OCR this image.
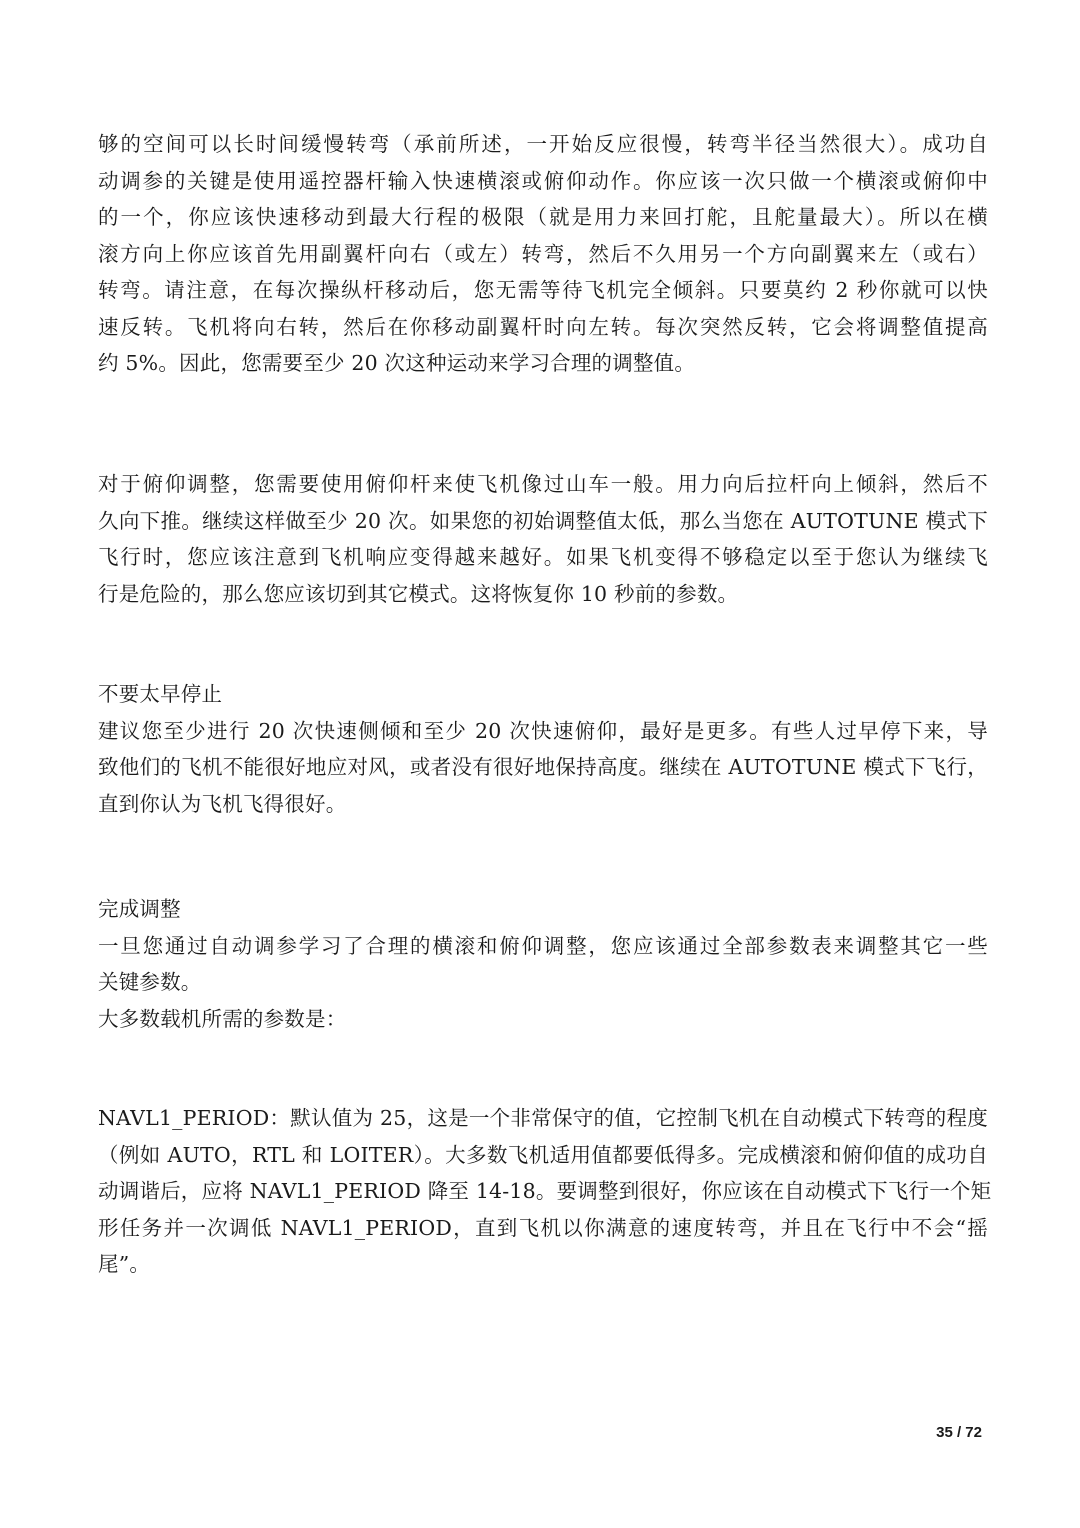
够的空间可以长时间缓慢转弯（承前所述，一开始反应很慢，转弯半径当然很大）。成功自
动调参的关键是使用遥控器杆输入快速横滚或俯仰动作。你应该一次只做一个横滚或俯仰中
的一个，你应该快速移动到最大行程的极限（就是用力来回打舵，且舵量最大）。所以在横
滚方向上你应该首先用副翼杆向右（或左）转弯，然后不久用另一个方向副翼来左（或右）
转弯。请注意，在每次操纵杆移动后，您无需等待飞机完全倾斜。只要莫约 2 秒你就可以快
速反转。飞机将向右转，然后在你移动副翼杆时向左转。每次突然反转，它会将调整值提高
约 5%。因此，您需要至少 20 次这种运动来学习合理的调整值。
对于俯仰调整，您需要使用俯仰杆来使飞机像过山车一般。用力向后拉杆向上倾斜，然后不
久向下推。继续这样做至少 20 次。如果您的初始调整值太低，那么当您在 AUTOTUNE 模式下
飞行时，您应该注意到飞机响应变得越来越好。如果飞机变得不够稳定以至于您认为继续飞
行是危险的，那么您应该切到其它模式。这将恢复你 10 秒前的参数。
不要太早停止
建议您至少进行 20 次快速侧倾和至少 20 次快速俯仰，最好是更多。有些人过早停下来，导
致他们的飞机不能很好地应对风，或者没有很好地保持高度。继续在 AUTOTUNE 模式下飞行，
直到你认为飞机飞得很好。
完成调整
一旦您通过自动调参学习了合理的横滚和俯仰调整，您应该通过全部参数表来调整其它一些
关键参数。
大多数载机所需的参数是：
NAVL1_PERIOD：默认值为 25，这是一个非常保守的值，它控制飞机在自动模式下转弯的程度
（例如 AUTO，RTL 和 LOITER）。大多数飞机适用值都要低得多。完成横滚和俯仰值的成功自
动调谐后，应将 NAVL1_PERIOD 降至 14-18。要调整到很好，你应该在自动模式下飞行一个矩
形任务并一次调低 NAVL1_PERIOD，直到飞机以你满意的速度转弯，并且在飞行中不会“摇
尾”。
35 / 72
